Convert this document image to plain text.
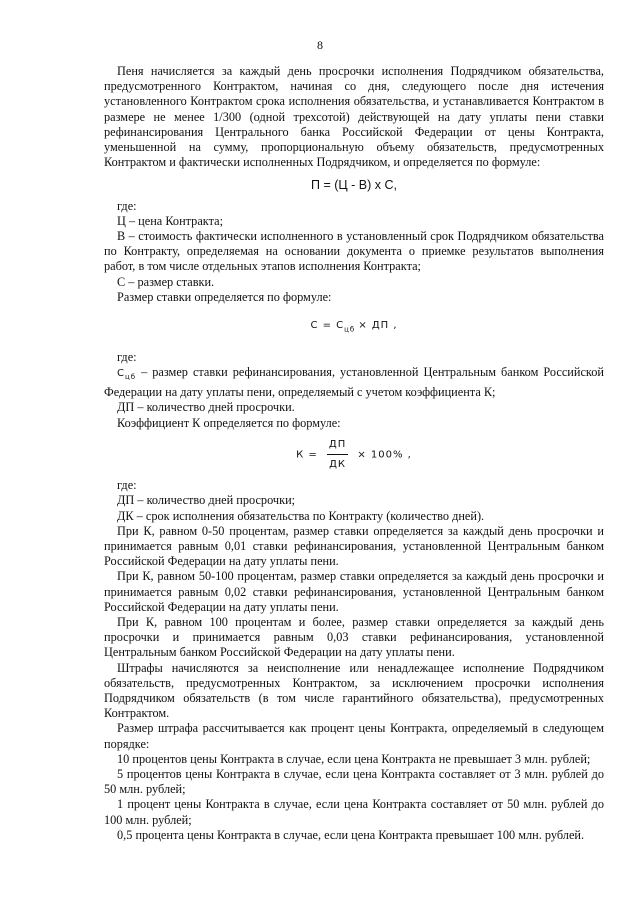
8

Пеня начисляется за каждый день просрочки исполнения Подрядчиком обязательства, предусмотренного Контрактом, начиная со дня, следующего после дня истечения установленного Контрактом срока исполнения обязательства, и устанавливается Контрактом в размере не менее 1/300 (одной трехсотой) действующей на дату уплаты пени ставки рефинансирования Центрального банка Российской Федерации от цены Контракта, уменьшенной на сумму, пропорциональную объему обязательств, предусмотренных Контрактом и фактически исполненных Подрядчиком, и определяется по формуле:

П = (Ц - В) х С,

где:

Ц – цена Контракта;

В – стоимость фактически исполненного в установленный срок Подрядчиком обязательства по Контракту, определяемая на основании документа о приемке результатов выполнения работ, в том числе отдельных этапов исполнения Контракта;

С – размер ставки.

Размер ставки определяется по формуле:

$С = С_{цб}$ × ДП ,

где:

$С_{цб}$ – размер ставки рефинансирования, установленной Центральным банком Российской Федерации на дату уплаты пени, определяемый с учетом коэффициента К;

ДП – количество дней просрочки.

Коэффициент К определяется по формуле:

$К = \frac{ДП}{ДК} \times 100\%$ ,

где:

ДП – количество дней просрочки;

ДК – срок исполнения обязательства по Контракту (количество дней).

При К, равном 0-50 процентам, размер ставки определяется за каждый день просрочки и принимается равным 0,01 ставки рефинансирования, установленной Центральным банком Российской Федерации на дату уплаты пени.

При К, равном 50-100 процентам, размер ставки определяется за каждый день просрочки и принимается равным 0,02 ставки рефинансирования, установленной Центральным банком Российской Федерации на дату уплаты пени.

При К, равном 100 процентам и более, размер ставки определяется за каждый день просрочки и принимается равным 0,03 ставки рефинансирования, установленной Центральным банком Российской Федерации на дату уплаты пени.

Штрафы начисляются за неисполнение или ненадлежащее исполнение Подрядчиком обязательств, предусмотренных Контрактом, за исключением просрочки исполнения Подрядчиком обязательств (в том числе гарантийного обязательства), предусмотренных Контрактом.

Размер штрафа рассчитывается как процент цены Контракта, определяемый в следующем порядке:

10 процентов цены Контракта в случае, если цена Контракта не превышает 3 млн. рублей;

5 процентов цены Контракта в случае, если цена Контракта составляет от 3 млн. рублей до 50 млн. рублей;

1 процент цены Контракта в случае, если цена Контракта составляет от 50 млн. рублей до 100 млн. рублей;

0,5 процента цены Контракта в случае, если цена Контракта превышает 100 млн. рублей.
